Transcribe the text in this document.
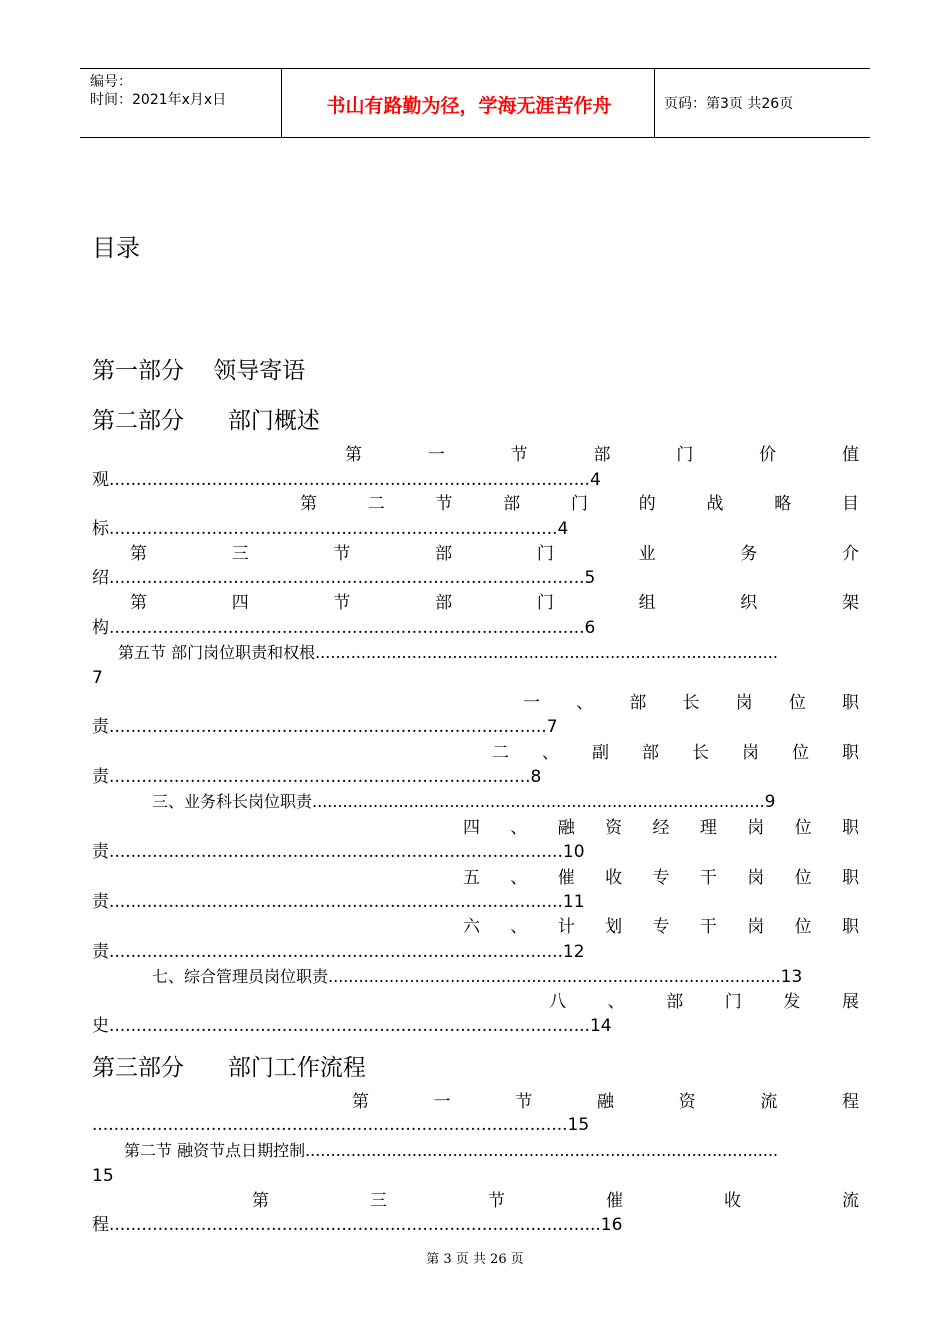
编号：
时间：2021年x月x日	书山有路勤为径，学海无涯苦作舟	页码：第3页 共26页
目录
第一部分    领导寄语
第二部分      部门概述
第 一 节 部 门 价 值
观.........................................................................................4
第 二 节 部 门 的 战 略 目
标...................................................................................4
第 三 节 部 门 业 务 介
绍........................................................................................5
第 四 节 部 门 组 织 架
构........................................................................................6
第五节 部门岗位职责和权根...........................................................................................
7
一 、 部 长 岗 位 职
责.................................................................................7
二 、 副 部 长 岗 位 职
责..............................................................................8
三、业务科长岗位职责.........................................................................................9
四 、 融 资 经 理 岗 位 职
责....................................................................................10
五 、 催 收 专 干 岗 位 职
责....................................................................................11
六 、 计 划 专 干 岗 位 职
责....................................................................................12
七、综合管理员岗位职责.........................................................................................13
八 、 部 门 发 展
史.........................................................................................14
第三部分      部门工作流程
第 一 节 融 资 流 程
........................................................................................15
第二节 融资节点日期控制.............................................................................................
15
第 三 节 催 收 流
程...........................................................................................16
第 3 页 共 26 页
